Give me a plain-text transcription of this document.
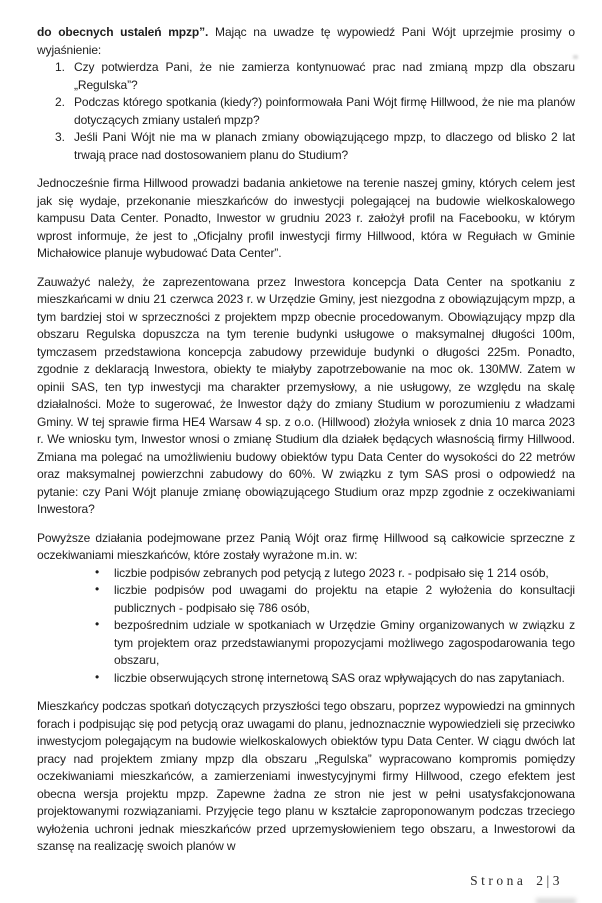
do obecnych ustaleń mpzp”. Mając na uwadze tę wypowiedź Pani Wójt uprzejmie prosimy o wyjaśnienie:

1. Czy potwierdza Pani, że nie zamierza kontynuować prac nad zmianą mpzp dla obszaru „Regulska”?
2. Podczas którego spotkania (kiedy?) poinformowała Pani Wójt firmę Hillwood, że nie ma planów dotyczących zmiany ustaleń mpzp?
3. Jeśli Pani Wójt nie ma w planach zmiany obowiązującego mpzp, to dlaczego od blisko 2 lat trwają prace nad dostosowaniem planu do Studium?

Jednocześnie firma Hillwood prowadzi badania ankietowe na terenie naszej gminy, których celem jest jak się wydaje, przekonanie mieszkańców do inwestycji polegającej na budowie wielkoskalowego kampusu Data Center. Ponadto, Inwestor w grudniu 2023 r. założył profil na Facebooku, w którym wprost informuje, że jest to „Oficjalny profil inwestycji firmy Hillwood, która w Regułach w Gminie Michałowice planuje wybudować Data Center”.

Zauważyć należy, że zaprezentowana przez Inwestora koncepcja Data Center na spotkaniu z mieszkańcami w dniu 21 czerwca 2023 r. w Urzędzie Gminy, jest niezgodna z obowiązującym mpzp, a tym bardziej stoi w sprzeczności z projektem mpzp obecnie procedowanym. Obowiązujący mpzp dla obszaru Regulska dopuszcza na tym terenie budynki usługowe o maksymalnej długości 100m, tymczasem przedstawiona koncepcja zabudowy przewiduje budynki o długości 225m. Ponadto, zgodnie z deklaracją Inwestora, obiekty te miałyby zapotrzebowanie na moc ok. 130MW. Zatem w opinii SAS, ten typ inwestycji ma charakter przemysłowy, a nie usługowy, ze względu na skalę działalności. Może to sugerować, że Inwestor dąży do zmiany Studium w porozumieniu z władzami Gminy. W tej sprawie firma HE4 Warsaw 4 sp. z o.o. (Hillwood) złożyła wniosek z dnia 10 marca 2023 r. We wniosku tym, Inwestor wnosi o zmianę Studium dla działek będących własnością firmy Hillwood. Zmiana ma polegać na umożliwieniu budowy obiektów typu Data Center do wysokości do 22 metrów oraz maksymalnej powierzchni zabudowy do 60%. W związku z tym SAS prosi o odpowiedź na pytanie: czy Pani Wójt planuje zmianę obowiązującego Studium oraz mpzp zgodnie z oczekiwaniami Inwestora?

Powyższe działania podejmowane przez Panią Wójt oraz firmę Hillwood są całkowicie sprzeczne z oczekiwaniami mieszkańców, które zostały wyrażone m.in. w:

• liczbie podpisów zebranych pod petycją z lutego 2023 r. - podpisało się 1 214 osób,
• liczbie podpisów pod uwagami do projektu na etapie 2 wyłożenia do konsultacji publicznych - podpisało się 786 osób,
• bezpośrednim udziale w spotkaniach w Urzędzie Gminy organizowanych w związku z tym projektem oraz przedstawianymi propozycjami możliwego zagospodarowania tego obszaru,
• liczbie obserwujących stronę internetową SAS oraz wpływających do nas zapytaniach.

Mieszkańcy podczas spotkań dotyczących przyszłości tego obszaru, poprzez wypowiedzi na gminnych forach i podpisując się pod petycją oraz uwagami do planu, jednoznacznie wypowiedzieli się przeciwko inwestycjom polegającym na budowie wielkoskalowych obiektów typu Data Center. W ciągu dwóch lat pracy nad projektem zmiany mpzp dla obszaru „Regulska” wypracowano kompromis pomiędzy oczekiwaniami mieszkańców, a zamierzeniami inwestycyjnymi firmy Hillwood, czego efektem jest obecna wersja projektu mpzp. Zapewne żadna ze stron nie jest w pełni usatysfakcjonowana projektowanymi rozwiązaniami. Przyjęcie tego planu w kształcie zaproponowanym podczas trzeciego wyłożenia uchroni jednak mieszkańców przed uprzemysłowieniem tego obszaru, a Inwestorowi da szansę na realizację swoich planów w

Strona 2|3
